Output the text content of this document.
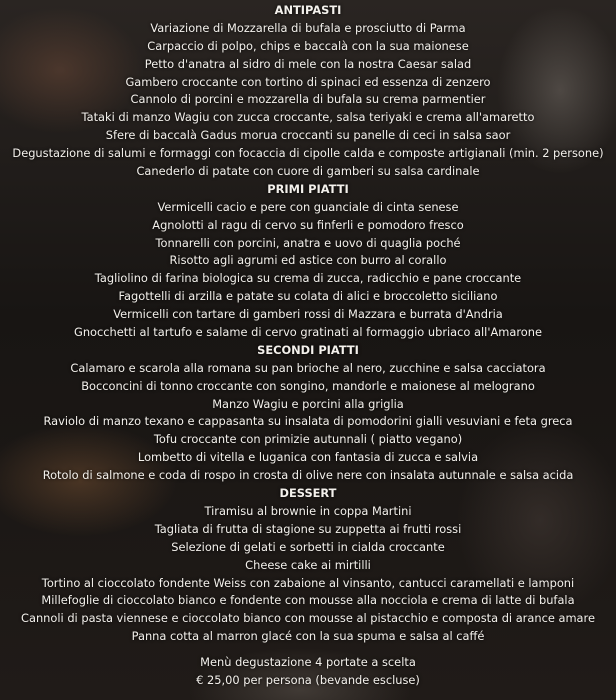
ANTIPASTI
Variazione di Mozzarella di bufala e prosciutto di Parma
Carpaccio di polpo, chips e baccalà con la sua maionese
Petto d'anatra al sidro di mele con la nostra Caesar salad
Gambero croccante con tortino di spinaci ed essenza di zenzero
Cannolo di porcini e mozzarella di bufala su crema parmentier
Tataki di manzo Wagiu con zucca croccante, salsa teriyaki e crema all'amaretto
Sfere di baccalà Gadus morua croccanti su panelle di ceci in salsa saor
Degustazione di salumi e formaggi con focaccia di cipolle calda e composte artigianali (min. 2 persone)
Canederlo di patate con cuore di gamberi su salsa cardinale
PRIMI PIATTI
Vermicelli cacio e pere con guanciale di cinta senese
Agnolotti al ragu di cervo su finferli e pomodoro fresco
Tonnarelli con porcini, anatra e uovo di quaglia poché
Risotto agli agrumi ed astice con burro al corallo
Tagliolino di farina biologica su crema di zucca, radicchio e pane croccante
Fagottelli di arzilla e patate su colata di alici e broccoletto siciliano
Vermicelli con tartare di gamberi rossi di Mazzara e burrata d'Andria
Gnocchetti al tartufo e salame di cervo gratinati al formaggio ubriaco all'Amarone
SECONDI PIATTI
Calamaro e scarola alla romana su pan brioche al nero, zucchine e salsa cacciatora
Bocconcini di tonno croccante con songino, mandorle e maionese al melograno
Manzo Wagiu e porcini alla griglia
Raviolo di manzo texano e cappasanta su insalata di pomodorini gialli vesuviani e feta greca
Tofu croccante con primizie autunnali ( piatto vegano)
Lombetto di vitella e luganica con fantasia di zucca e salvia
Rotolo di salmone e coda di rospo in crosta di olive nere con insalata autunnale e salsa acida
DESSERT
Tiramisu al brownie in coppa Martini
Tagliata di frutta di stagione su zuppetta ai frutti rossi
Selezione di gelati e sorbetti in cialda croccante
Cheese cake ai mirtilli
Tortino al cioccolato fondente Weiss con zabaione al vinsanto, cantucci caramellati e lamponi
Millefoglie di cioccolato bianco e fondente con mousse alla nocciola e crema di latte di bufala
Cannoli di pasta viennese e cioccolato bianco con mousse al pistacchio e composta di arance amare
Panna cotta al marron glacé con la sua spuma e salsa al caffé
Menù degustazione 4 portate a scelta
€ 25,00 per persona (bevande escluse)
